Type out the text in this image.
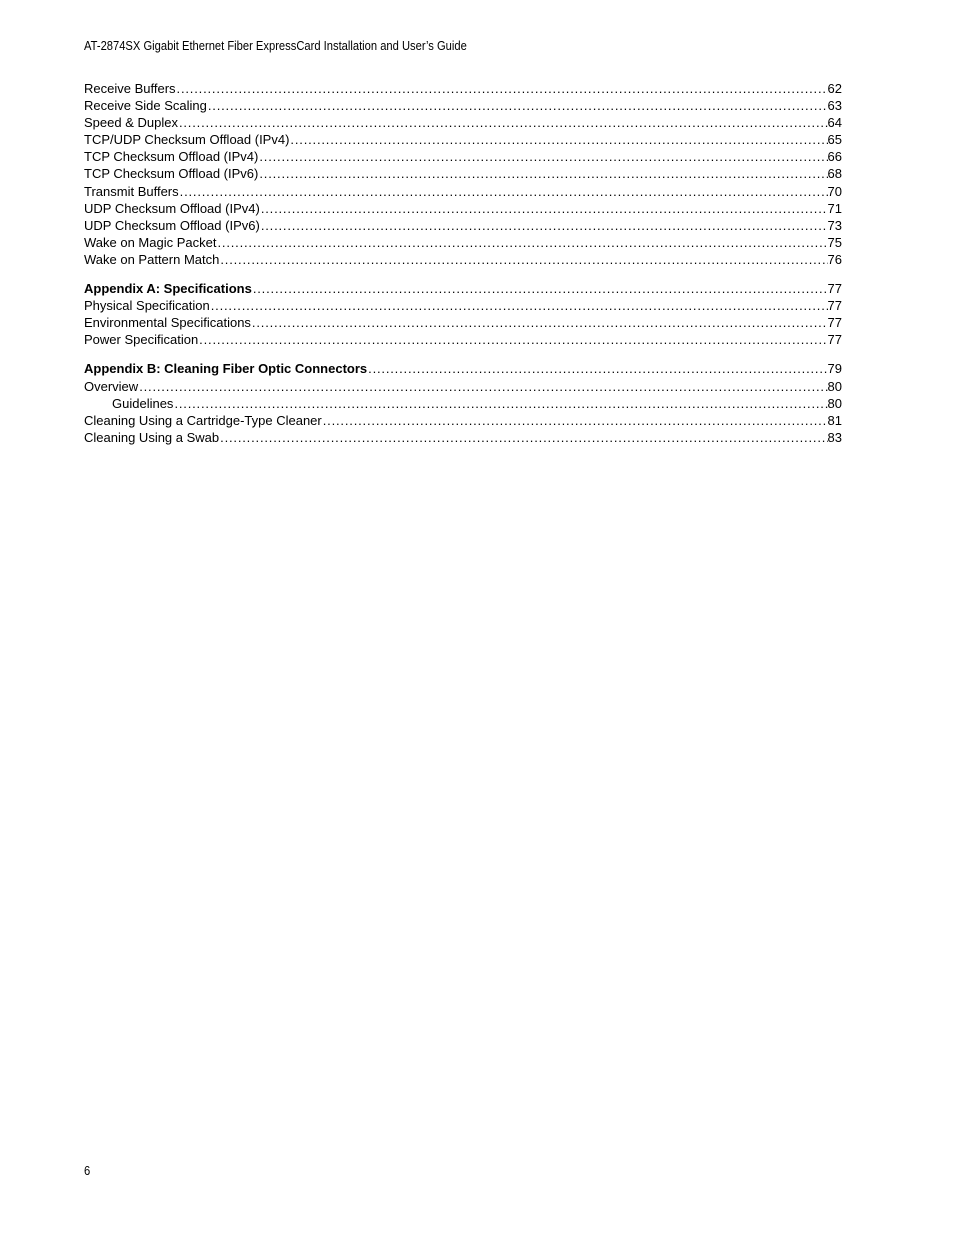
AT-2874SX Gigabit Ethernet Fiber ExpressCard Installation and User’s Guide
Receive Buffers . . .	62
Receive Side Scaling . . .	63
Speed & Duplex . . .	64
TCP/UDP Checksum Offload (IPv4) . . .	65
TCP Checksum Offload (IPv4) . . .	66
TCP Checksum Offload (IPv6) . . .	68
Transmit Buffers . . .	70
UDP Checksum Offload (IPv4) . . .	71
UDP Checksum Offload (IPv6) . . .	73
Wake on Magic Packet . . .	75
Wake on Pattern Match . . .	76
Appendix A: Specifications . . .	77
Physical Specification . . .	77
Environmental Specifications . . .	77
Power Specification . . .	77
Appendix B: Cleaning Fiber Optic Connectors . . .	79
Overview . . .	80
Guidelines . . .	80
Cleaning Using a Cartridge-Type Cleaner . . .	81
Cleaning Using a Swab . . .	83
6
